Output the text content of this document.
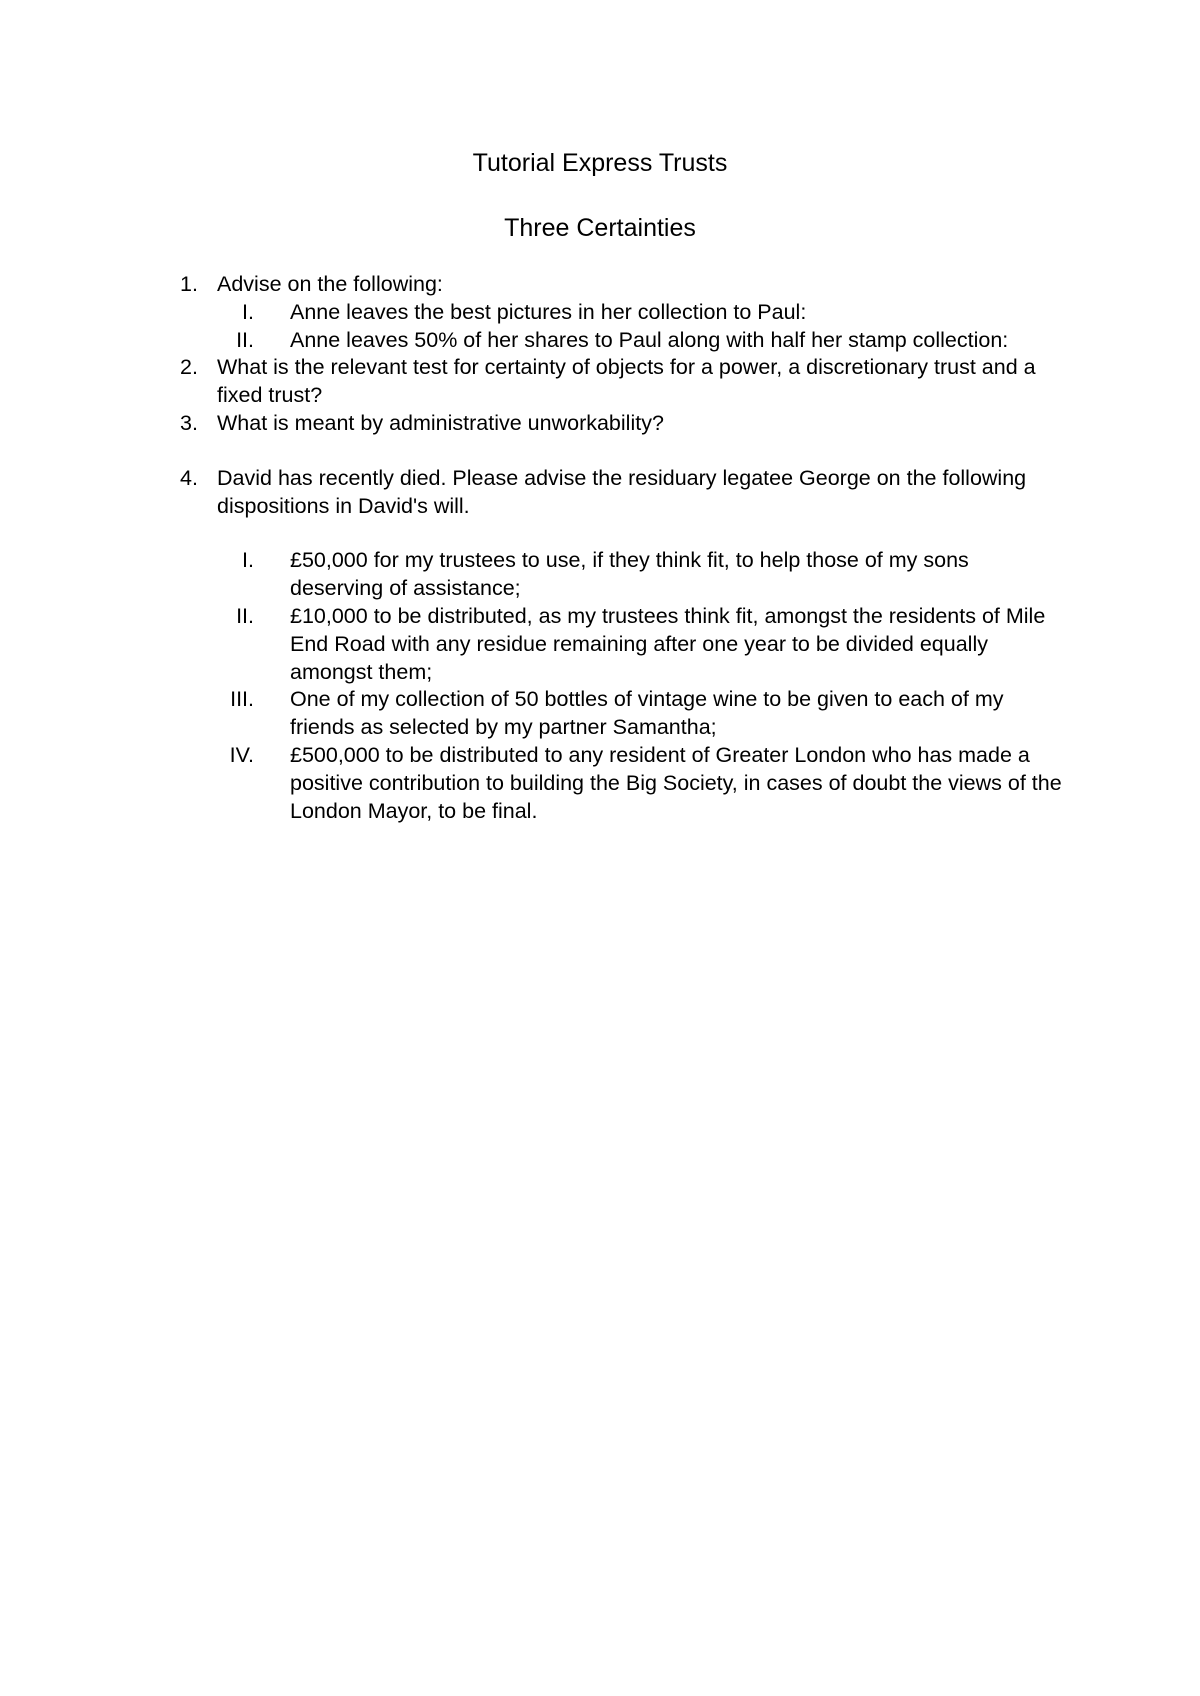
Tutorial Express Trusts
Three Certainties
1. Advise on the following:
I. Anne leaves the best pictures in her collection to Paul:
II. Anne leaves 50% of her shares to Paul along with half her stamp collection:
2. What is the relevant test for certainty of objects for a power, a discretionary trust and a fixed trust?
3. What is meant by administrative unworkability?
4. David has recently died. Please advise the residuary legatee George on the following dispositions in David's will.
I. £50,000 for my trustees to use, if they think fit, to help those of my sons deserving of assistance;
II. £10,000 to be distributed, as my trustees think fit, amongst the residents of Mile End Road with any residue remaining after one year to be divided equally amongst them;
III. One of my collection of 50 bottles of vintage wine to be given to each of my friends as selected by my partner Samantha;
IV. £500,000 to be distributed to any resident of Greater London who has made a positive contribution to building the Big Society, in cases of doubt the views of the London Mayor, to be final.
